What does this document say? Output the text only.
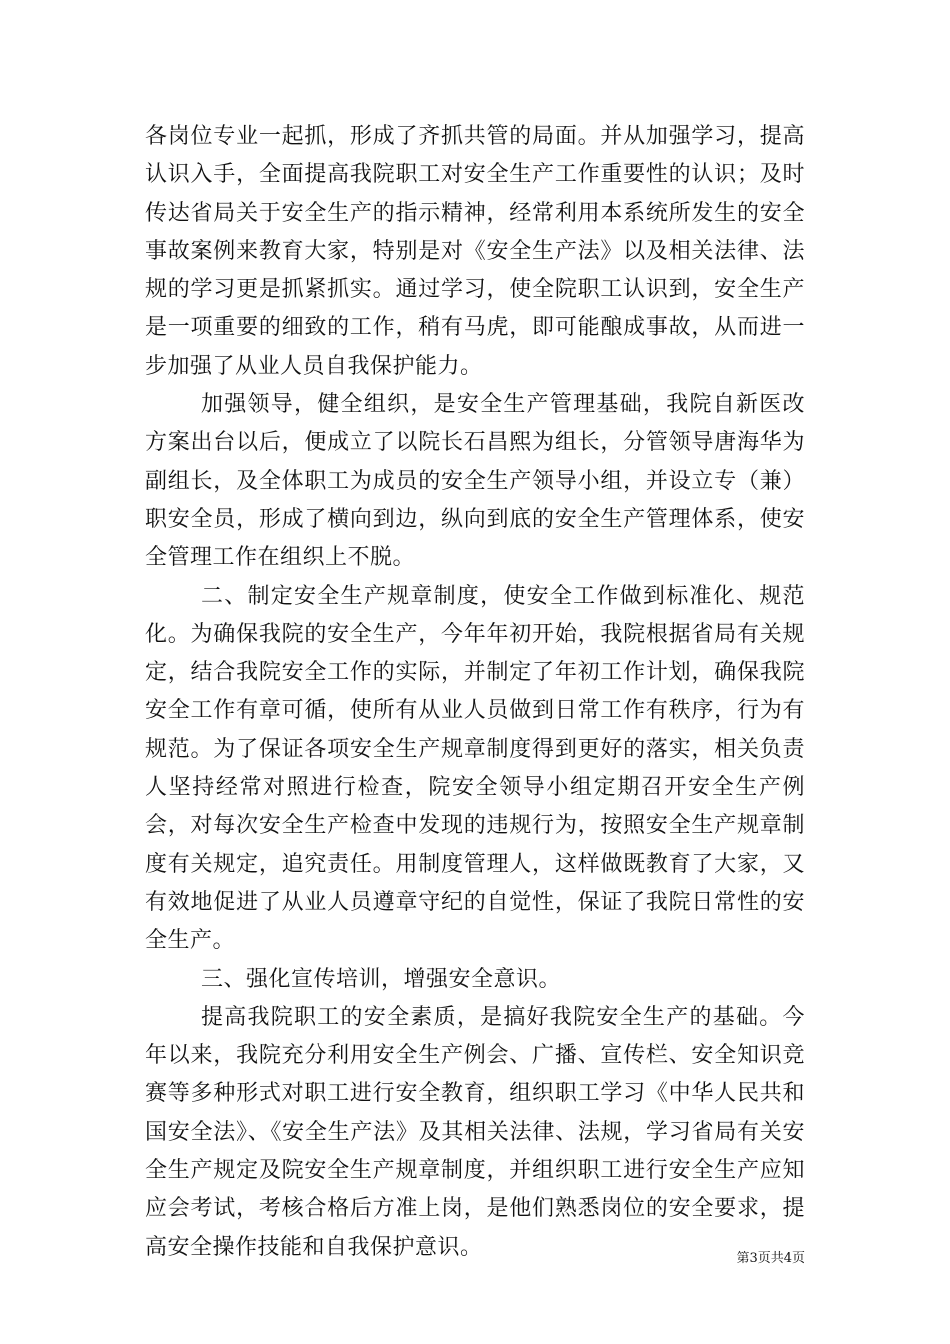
各岗位专业一起抓，形成了齐抓共管的局面。并从加强学习，提高认识入手，全面提高我院职工对安全生产工作重要性的认识；及时传达省局关于安全生产的指示精神，经常利用本系统所发生的安全事故案例来教育大家，特别是对《安全生产法》以及相关法律、法规的学习更是抓紧抓实。通过学习，使全院职工认识到，安全生产是一项重要的细致的工作，稍有马虎，即可能酿成事故，从而进一步加强了从业人员自我保护能力。

加强领导，健全组织，是安全生产管理基础，我院自新医改方案出台以后，便成立了以院长石昌熙为组长，分管领导唐海华为副组长，及全体职工为成员的安全生产领导小组，并设立专（兼）职安全员，形成了横向到边，纵向到底的安全生产管理体系，使安全管理工作在组织上不脱。

二、制定安全生产规章制度，使安全工作做到标准化、规范化。为确保我院的安全生产，今年年初开始，我院根据省局有关规定，结合我院安全工作的实际，并制定了年初工作计划，确保我院安全工作有章可循，使所有从业人员做到日常工作有秩序，行为有规范。为了保证各项安全生产规章制度得到更好的落实，相关负责人坚持经常对照进行检查，院安全领导小组定期召开安全生产例会，对每次安全生产检查中发现的违规行为，按照安全生产规章制度有关规定，追究责任。用制度管理人，这样做既教育了大家，又有效地促进了从业人员遵章守纪的自觉性，保证了我院日常性的安全生产。

三、强化宣传培训，增强安全意识。

提高我院职工的安全素质，是搞好我院安全生产的基础。今年以来，我院充分利用安全生产例会、广播、宣传栏、安全知识竞赛等多种形式对职工进行安全教育，组织职工学习《中华人民共和国安全法》、《安全生产法》及其相关法律、法规，学习省局有关安全生产规定及院安全生产规章制度，并组织职工进行安全生产应知应会考试，考核合格后方准上岗，是他们熟悉岗位的安全要求，提高安全操作技能和自我保护意识。	第3页共4页
